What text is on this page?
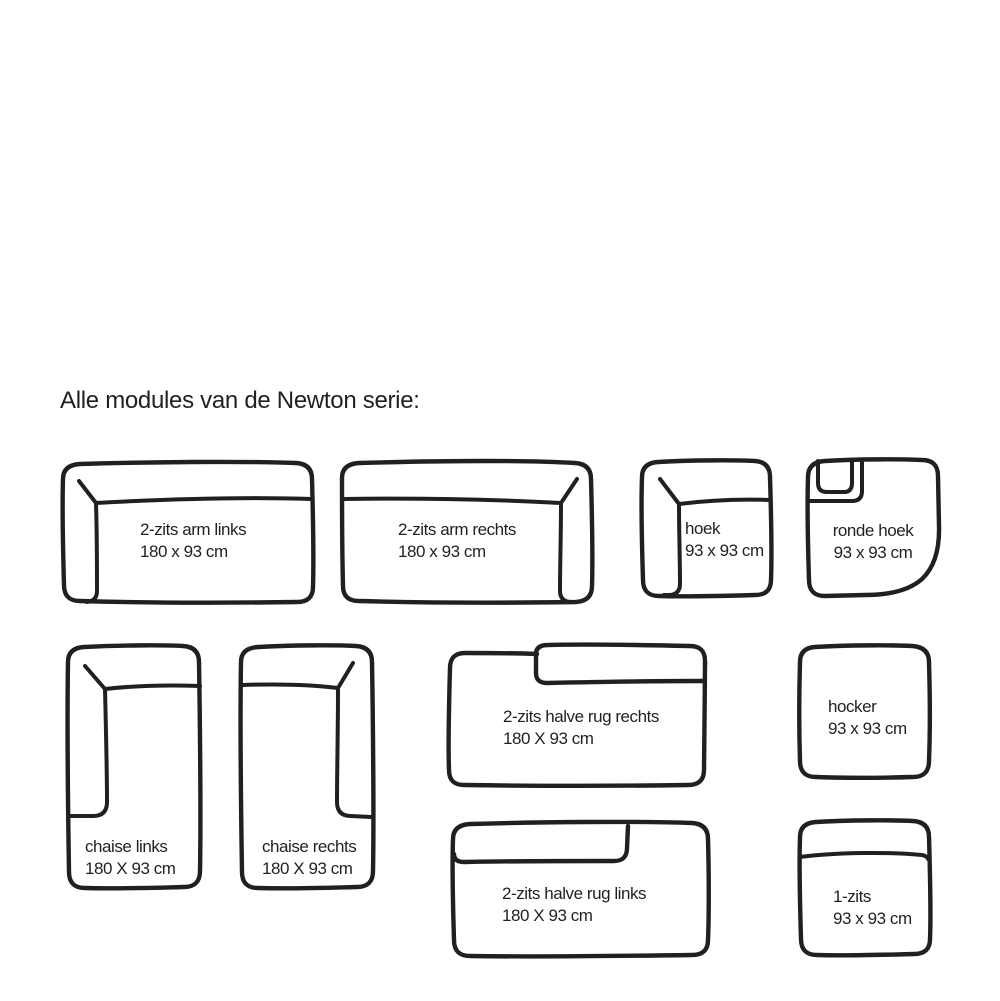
Alle modules van de Newton serie:
2-zits arm links
180 x 93 cm
2-zits arm rechts
180 x 93 cm
hoek
93 x 93 cm
ronde hoek
93 x 93 cm
chaise links
180 X 93 cm
chaise rechts
180 X 93 cm
2-zits halve rug rechts
180 X 93 cm
hocker
93 x 93 cm
2-zits halve rug links
180 X 93 cm
1-zits
93 x 93 cm
